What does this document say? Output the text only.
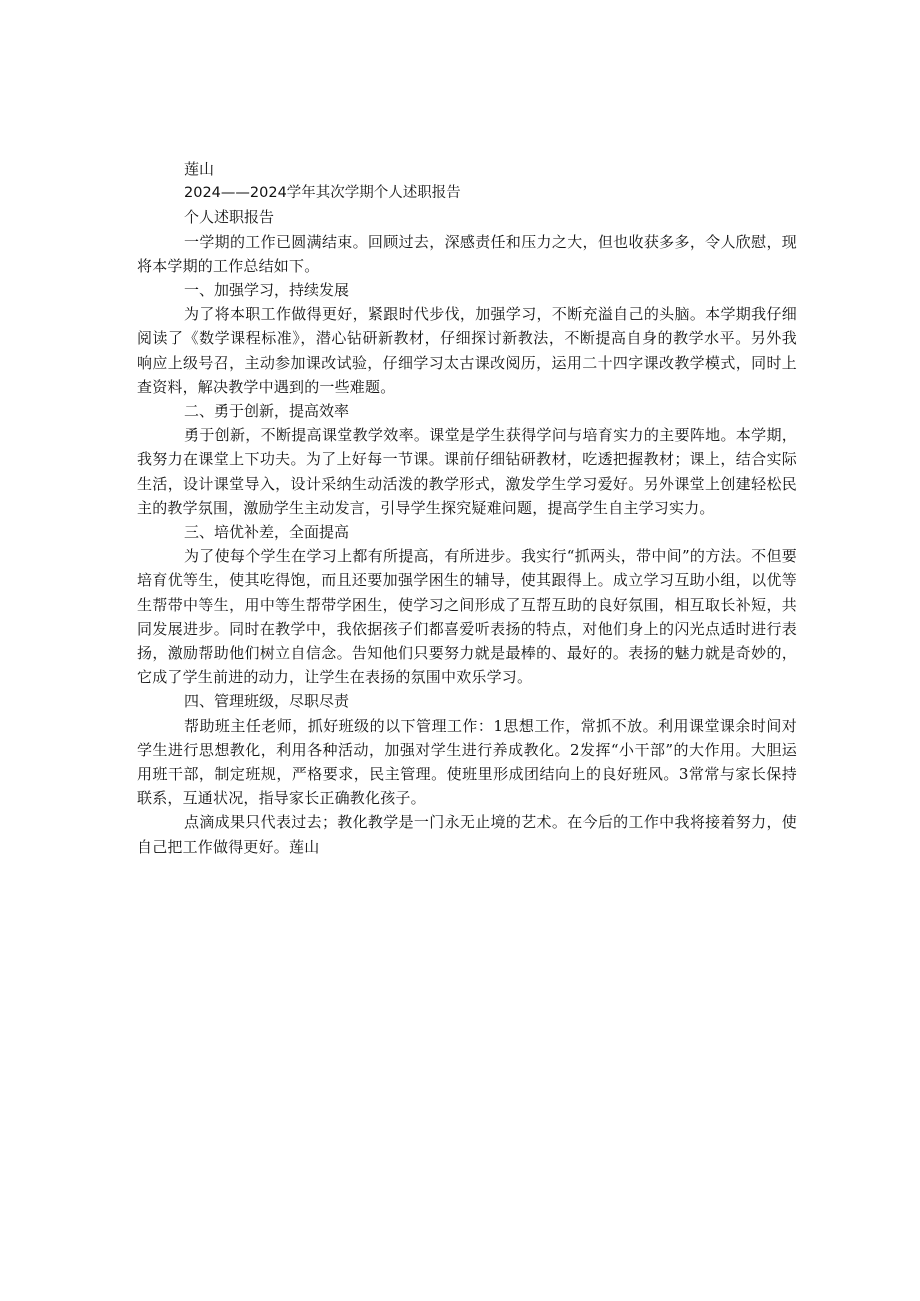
莲山
2024——2024学年其次学期个人述职报告
个人述职报告

一学期的工作已圆满结束。回顾过去，深感责任和压力之大，但也收获多多，令人欣慰，现将本学期的工作总结如下。

一、加强学习，持续发展

为了将本职工作做得更好，紧跟时代步伐，加强学习，不断充溢自己的头脑。本学期我仔细阅读了《数学课程标准》，潜心钻研新教材，仔细探讨新教法，不断提高自身的教学水平。另外我响应上级号召，主动参加课改试验，仔细学习太古课改阅历，运用二十四字课改教学模式，同时上查资料，解决教学中遇到的一些难题。

二、勇于创新，提高效率

勇于创新，不断提高课堂教学效率。课堂是学生获得学问与培育实力的主要阵地。本学期，我努力在课堂上下功夫。为了上好每一节课。课前仔细钻研教材，吃透把握教材；课上，结合实际生活，设计课堂导入，设计采纳生动活泼的教学形式，激发学生学习爱好。另外课堂上创建轻松民主的教学氛围，激励学生主动发言，引导学生探究疑难问题，提高学生自主学习实力。

三、培优补差，全面提高

为了使每个学生在学习上都有所提高，有所进步。我实行“抓两头，带中间”的方法。不但要培育优等生，使其吃得饱，而且还要加强学困生的辅导，使其跟得上。成立学习互助小组，以优等生帮带中等生，用中等生帮带学困生，使学习之间形成了互帮互助的良好氛围，相互取长补短，共同发展进步。同时在教学中，我依据孩子们都喜爱听表扬的特点，对他们身上的闪光点适时进行表扬，激励帮助他们树立自信念。告知他们只要努力就是最棒的、最好的。表扬的魅力就是奇妙的，它成了学生前进的动力，让学生在表扬的氛围中欢乐学习。

四、管理班级，尽职尽责

帮助班主任老师，抓好班级的以下管理工作：1思想工作，常抓不放。利用课堂课余时间对学生进行思想教化，利用各种活动，加强对学生进行养成教化。2发挥“小干部”的大作用。大胆运用班干部，制定班规，严格要求，民主管理。使班里形成团结向上的良好班风。3常常与家长保持联系，互通状况，指导家长正确教化孩子。

点滴成果只代表过去；教化教学是一门永无止境的艺术。在今后的工作中我将接着努力，使自己把工作做得更好。莲山
